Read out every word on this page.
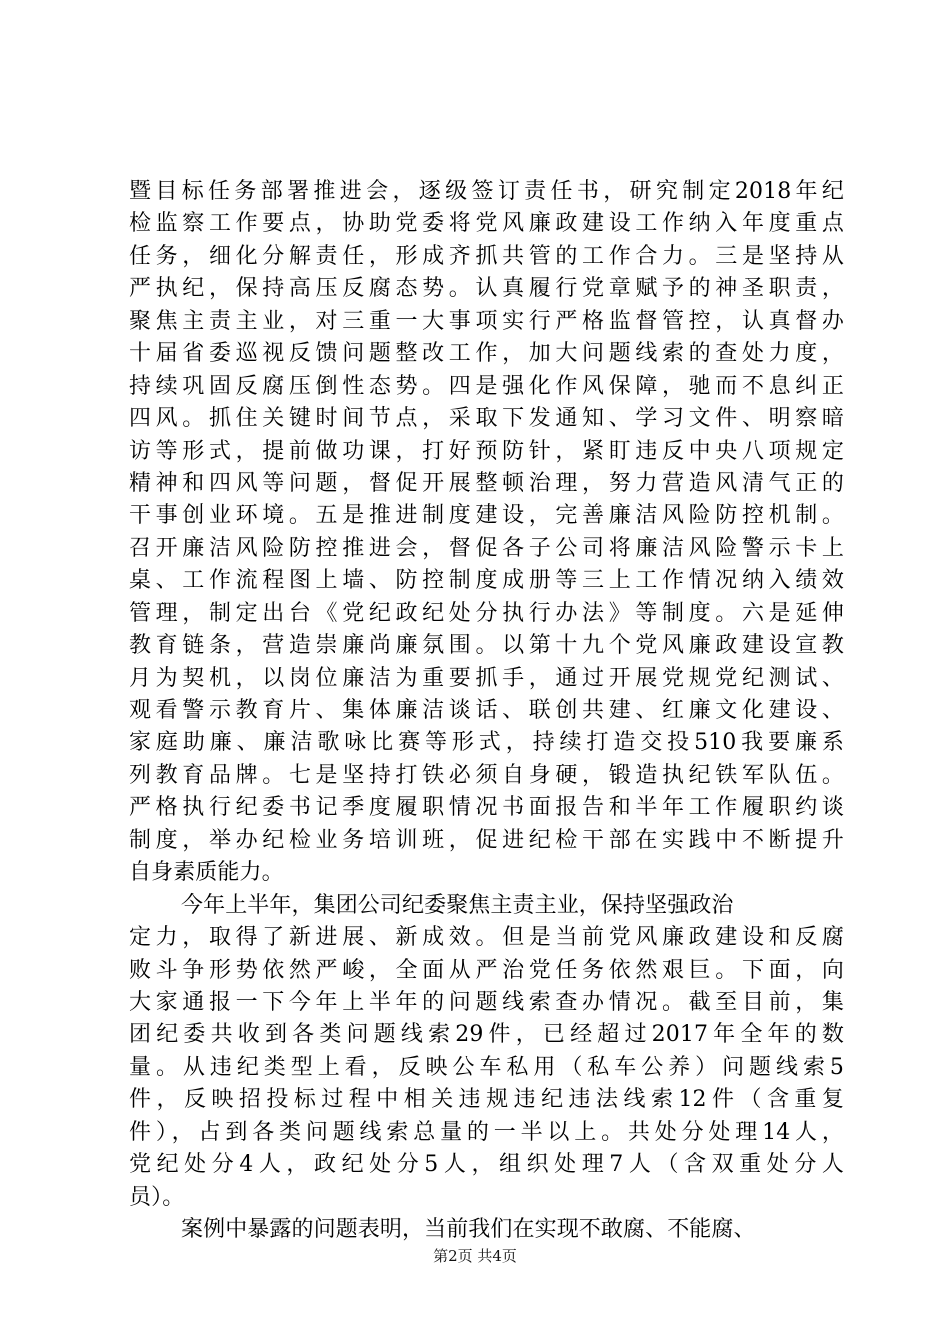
暨目标任务部署推进会，逐级签订责任书，研究制定2018年纪
检监察工作要点，协助党委将党风廉政建设工作纳入年度重点
任务，细化分解责任，形成齐抓共管的工作合力。三是坚持从
严执纪，保持高压反腐态势。认真履行党章赋予的神圣职责，
聚焦主责主业，对三重一大事项实行严格监督管控，认真督办
十届省委巡视反馈问题整改工作，加大问题线索的查处力度，
持续巩固反腐压倒性态势。四是强化作风保障，驰而不息纠正
四风。抓住关键时间节点，采取下发通知、学习文件、明察暗
访等形式，提前做功课，打好预防针，紧盯违反中央八项规定
精神和四风等问题，督促开展整顿治理，努力营造风清气正的
干事创业环境。五是推进制度建设，完善廉洁风险防控机制。
召开廉洁风险防控推进会，督促各子公司将廉洁风险警示卡上
桌、工作流程图上墙、防控制度成册等三上工作情况纳入绩效
管理，制定出台《党纪政纪处分执行办法》等制度。六是延伸
教育链条，营造崇廉尚廉氛围。以第十九个党风廉政建设宣教
月为契机，以岗位廉洁为重要抓手，通过开展党规党纪测试、
观看警示教育片、集体廉洁谈话、联创共建、红廉文化建设、
家庭助廉、廉洁歌咏比赛等形式，持续打造交投510我要廉系
列教育品牌。七是坚持打铁必须自身硬，锻造执纪铁军队伍。
严格执行纪委书记季度履职情况书面报告和半年工作履职约谈
制度，举办纪检业务培训班，促进纪检干部在实践中不断提升
自身素质能力。
今年上半年，集团公司纪委聚焦主责主业，保持坚强政治
定力，取得了新进展、新成效。但是当前党风廉政建设和反腐
败斗争形势依然严峻，全面从严治党任务依然艰巨。下面，向
大家通报一下今年上半年的问题线索查办情况。截至目前，集
团纪委共收到各类问题线索29件，已经超过2017年全年的数
量。从违纪类型上看，反映公车私用（私车公养）问题线索5
件，反映招投标过程中相关违规违纪违法线索12件（含重复
件），占到各类问题线索总量的一半以上。共处分处理14人，
党纪处分4人，政纪处分5人，组织处理7人（含双重处分人
员）。
案例中暴露的问题表明，当前我们在实现不敢腐、不能腐、
第2页 共4页
